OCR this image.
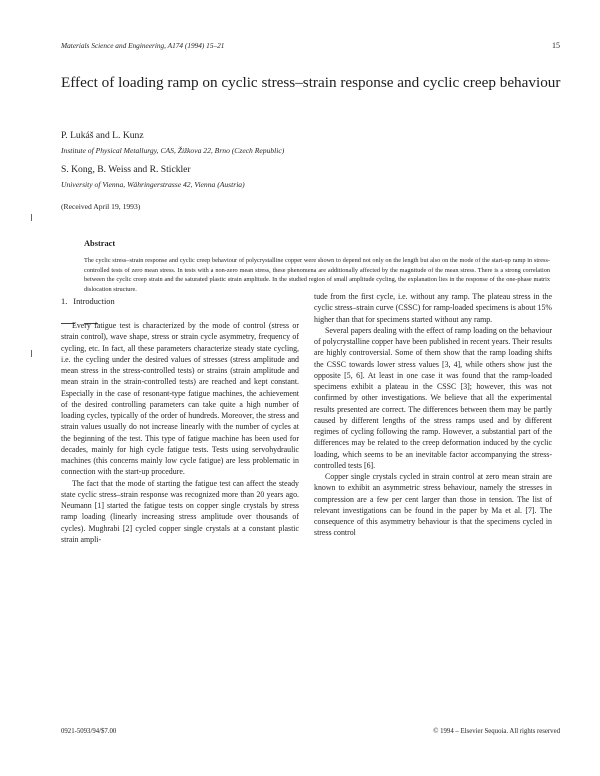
Materials Science and Engineering, A174 (1994) 15–21	15
Effect of loading ramp on cyclic stress–strain response and cyclic creep behaviour
P. Lukáš and L. Kunz
Institute of Physical Metallurgy, CAS, Žižkova 22, Brno (Czech Republic)
S. Kong, B. Weiss and R. Stickler
University of Vienna, Währingerstrasse 42, Vienna (Austria)
(Received April 19, 1993)
Abstract
The cyclic stress–strain response and cyclic creep behaviour of polycrystalline copper were shown to depend not only on the length but also on the mode of the start-up ramp in stress-controlled tests of zero mean stress. In tests with a non-zero mean stress, these phenomena are additionally affected by the magnitude of the mean stress. There is a strong correlation between the cyclic creep strain and the saturated plastic strain amplitude. In the studied region of small amplitude cycling, the explanation lies in the response of the one-phase matrix dislocation structure.
1. Introduction

Every fatigue test is characterized by the mode of control (stress or strain control), wave shape, stress or strain cycle asymmetry, frequency of cycling, etc. In fact, all these parameters characterize steady state cycling, i.e. the cycling under the desired values of stresses (stress amplitude and mean stress in the stress-controlled tests) or strains (strain amplitude and mean strain in the strain-controlled tests) are reached and kept constant. Especially in the case of resonant-type fatigue machines, the achievement of the desired controlling parameters can take quite a high number of loading cycles, typically of the order of hundreds. Moreover, the stress and strain values usually do not increase linearly with the number of cycles at the beginning of the test. This type of fatigue machine has been used for decades, mainly for high cycle fatigue tests. Tests using servohydraulic machines (this concerns mainly low cycle fatigue) are less problematic in connection with the start-up procedure.

The fact that the mode of starting the fatigue test can affect the steady state cyclic stress–strain response was recognized more than 20 years ago. Neumann [1] started the fatigue tests on copper single crystals by stress ramp loading (linearly increasing stress amplitude over thousands of cycles). Mughrabi [2] cycled copper single crystals at a constant plastic strain ampli-

tude from the first cycle, i.e. without any ramp. The plateau stress in the cyclic stress–strain curve (CSSC) for ramp-loaded specimens is about 15% higher than that for specimens started without any ramp.

Several papers dealing with the effect of ramp loading on the behaviour of polycrystalline copper have been published in recent years. Their results are highly controversial. Some of them show that the ramp loading shifts the CSSC towards lower stress values [3, 4], while others show just the opposite [5, 6]. At least in one case it was found that the ramp-loaded specimens exhibit a plateau in the CSSC [3]; however, this was not confirmed by other investigations. We believe that all the experimental results presented are correct. The differences between them may be partly caused by different lengths of the stress ramps used and by different regimes of cycling following the ramp. However, a substantial part of the differences may be related to the creep deformation induced by the cyclic loading, which seems to be an inevitable factor accompanying the stress-controlled tests [6].

Copper single crystals cycled in strain control at zero mean strain are known to exhibit an asymmetric stress behaviour, namely the stresses in compression are a few per cent larger than those in tension. The list of relevant investigations can be found in the paper by Ma et al. [7]. The consequence of this asymmetry behaviour is that the specimens cycled in stress control

0921-5093/94/$7.00	© 1994 – Elsevier Sequoia. All rights reserved
